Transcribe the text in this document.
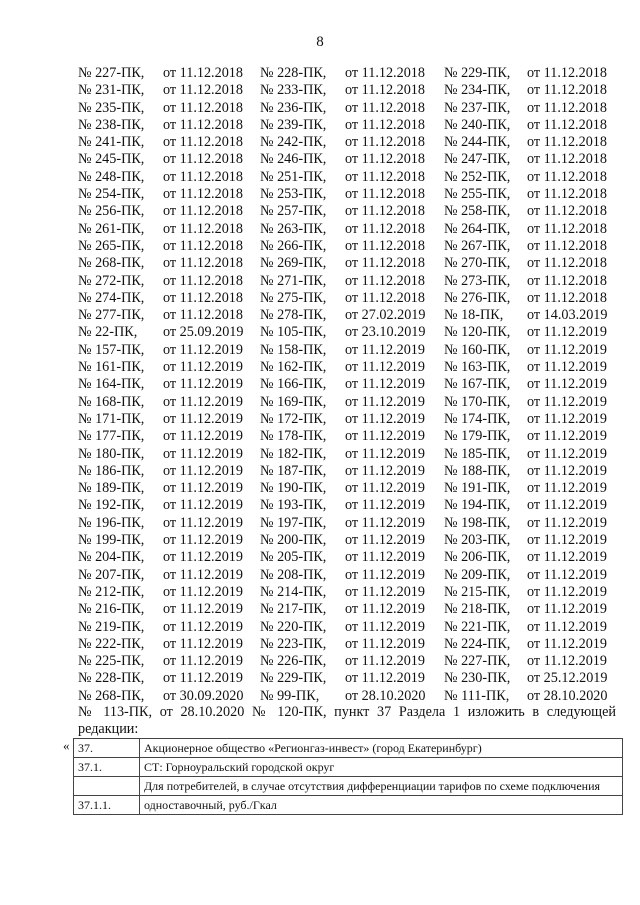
8
№ 227-ПК, от 11.12.2018 № 228-ПК, от 11.12.2018 № 229-ПК, от 11.12.2018
№ 231-ПК, от 11.12.2018 № 233-ПК, от 11.12.2018 № 234-ПК, от 11.12.2018
№ 235-ПК, от 11.12.2018 № 236-ПК, от 11.12.2018 № 237-ПК, от 11.12.2018
№ 238-ПК, от 11.12.2018 № 239-ПК, от 11.12.2018 № 240-ПК, от 11.12.2018
№ 241-ПК, от 11.12.2018 № 242-ПК, от 11.12.2018 № 244-ПК, от 11.12.2018
№ 245-ПК, от 11.12.2018 № 246-ПК, от 11.12.2018 № 247-ПК, от 11.12.2018
№ 248-ПК, от 11.12.2018 № 251-ПК, от 11.12.2018 № 252-ПК, от 11.12.2018
№ 254-ПК, от 11.12.2018 № 253-ПК, от 11.12.2018 № 255-ПК, от 11.12.2018
№ 256-ПК, от 11.12.2018 № 257-ПК, от 11.12.2018 № 258-ПК, от 11.12.2018
№ 261-ПК, от 11.12.2018 № 263-ПК, от 11.12.2018 № 264-ПК, от 11.12.2018
№ 265-ПК, от 11.12.2018 № 266-ПК, от 11.12.2018 № 267-ПК, от 11.12.2018
№ 268-ПК, от 11.12.2018 № 269-ПК, от 11.12.2018 № 270-ПК, от 11.12.2018
№ 272-ПК, от 11.12.2018 № 271-ПК, от 11.12.2018 № 273-ПК, от 11.12.2018
№ 274-ПК, от 11.12.2018 № 275-ПК, от 11.12.2018 № 276-ПК, от 11.12.2018
№ 277-ПК, от 11.12.2018 № 278-ПК, от 27.02.2019 № 18-ПК, от 14.03.2019
№ 22-ПК, от 25.09.2019 № 105-ПК, от 23.10.2019 № 120-ПК, от 11.12.2019
№ 157-ПК, от 11.12.2019 № 158-ПК, от 11.12.2019 № 160-ПК, от 11.12.2019
№ 161-ПК, от 11.12.2019 № 162-ПК, от 11.12.2019 № 163-ПК, от 11.12.2019
№ 164-ПК, от 11.12.2019 № 166-ПК, от 11.12.2019 № 167-ПК, от 11.12.2019
№ 168-ПК, от 11.12.2019 № 169-ПК, от 11.12.2019 № 170-ПК, от 11.12.2019
№ 171-ПК, от 11.12.2019 № 172-ПК, от 11.12.2019 № 174-ПК, от 11.12.2019
№ 177-ПК, от 11.12.2019 № 178-ПК, от 11.12.2019 № 179-ПК, от 11.12.2019
№ 180-ПК, от 11.12.2019 № 182-ПК, от 11.12.2019 № 185-ПК, от 11.12.2019
№ 186-ПК, от 11.12.2019 № 187-ПК, от 11.12.2019 № 188-ПК, от 11.12.2019
№ 189-ПК, от 11.12.2019 № 190-ПК, от 11.12.2019 № 191-ПК, от 11.12.2019
№ 192-ПК, от 11.12.2019 № 193-ПК, от 11.12.2019 № 194-ПК, от 11.12.2019
№ 196-ПК, от 11.12.2019 № 197-ПК, от 11.12.2019 № 198-ПК, от 11.12.2019
№ 199-ПК, от 11.12.2019 № 200-ПК, от 11.12.2019 № 203-ПК, от 11.12.2019
№ 204-ПК, от 11.12.2019 № 205-ПК, от 11.12.2019 № 206-ПК, от 11.12.2019
№ 207-ПК, от 11.12.2019 № 208-ПК, от 11.12.2019 № 209-ПК, от 11.12.2019
№ 212-ПК, от 11.12.2019 № 214-ПК, от 11.12.2019 № 215-ПК, от 11.12.2019
№ 216-ПК, от 11.12.2019 № 217-ПК, от 11.12.2019 № 218-ПК, от 11.12.2019
№ 219-ПК, от 11.12.2019 № 220-ПК, от 11.12.2019 № 221-ПК, от 11.12.2019
№ 222-ПК, от 11.12.2019 № 223-ПК, от 11.12.2019 № 224-ПК, от 11.12.2019
№ 225-ПК, от 11.12.2019 № 226-ПК, от 11.12.2019 № 227-ПК, от 11.12.2019
№ 228-ПК, от 11.12.2019 № 229-ПК, от 11.12.2019 № 230-ПК, от 25.12.2019
№ 268-ПК, от 30.09.2020 № 99-ПК, от 28.10.2020 № 111-ПК, от 28.10.2020
№ 113-ПК, от 28.10.2020 № 120-ПК, пункт 37 Раздела 1 изложить в следующей
редакции:
« 37.	Акционерное общество «Регионгаз-инвест» (город Екатеринбург)
37.1.	СТ: Горноуральский городской округ
	Для потребителей, в случае отсутствия дифференциации тарифов по схеме подключения
37.1.1.	одноставочный, руб./Гкал
